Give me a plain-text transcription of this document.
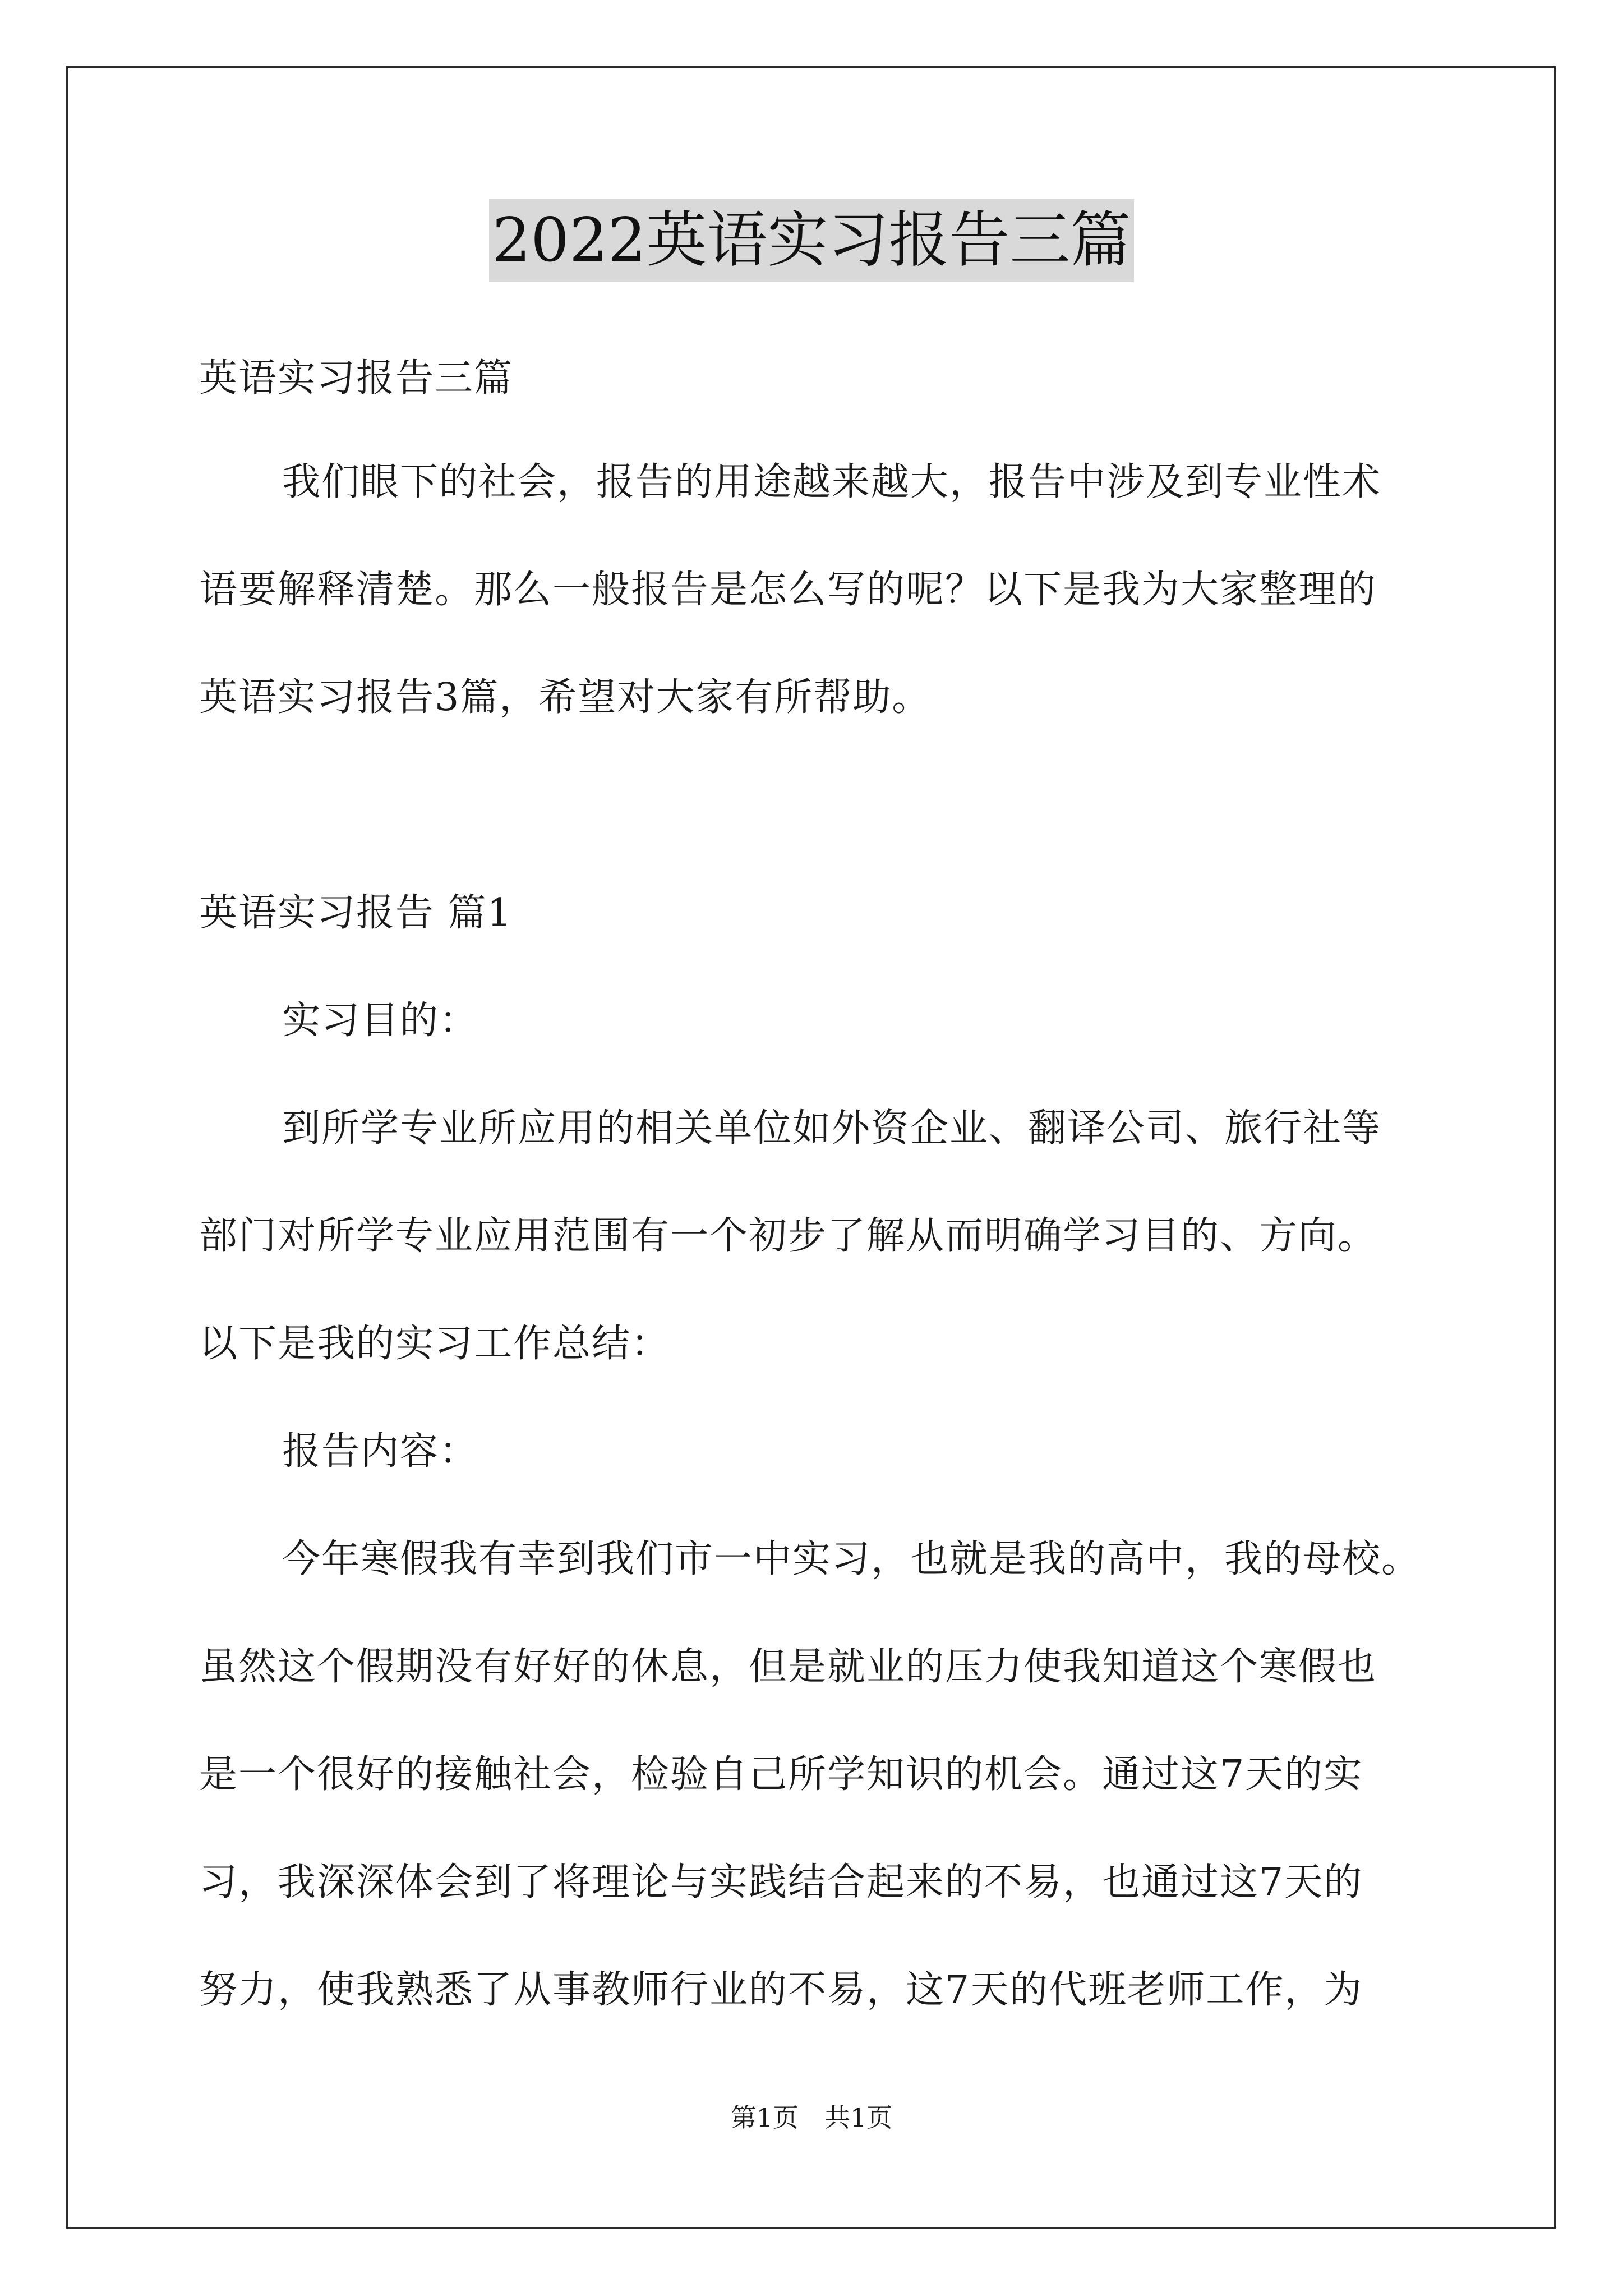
2022英语实习报告三篇
英语实习报告三篇
我们眼下的社会，报告的用途越来越大，报告中涉及到专业性术
语要解释清楚。那么一般报告是怎么写的呢？以下是我为大家整理的
英语实习报告3篇，希望对大家有所帮助。
英语实习报告 篇1
实习目的：
到所学专业所应用的相关单位如外资企业、翻译公司、旅行社等
部门对所学专业应用范围有一个初步了解从而明确学习目的、方向。
以下是我的实习工作总结：
报告内容：
今年寒假我有幸到我们市一中实习，也就是我的高中，我的母校。
虽然这个假期没有好好的休息，但是就业的压力使我知道这个寒假也
是一个很好的接触社会，检验自己所学知识的机会。通过这7天的实
习，我深深体会到了将理论与实践结合起来的不易，也通过这7天的
努力，使我熟悉了从事教师行业的不易，这7天的代班老师工作，为
第1页　共1页
